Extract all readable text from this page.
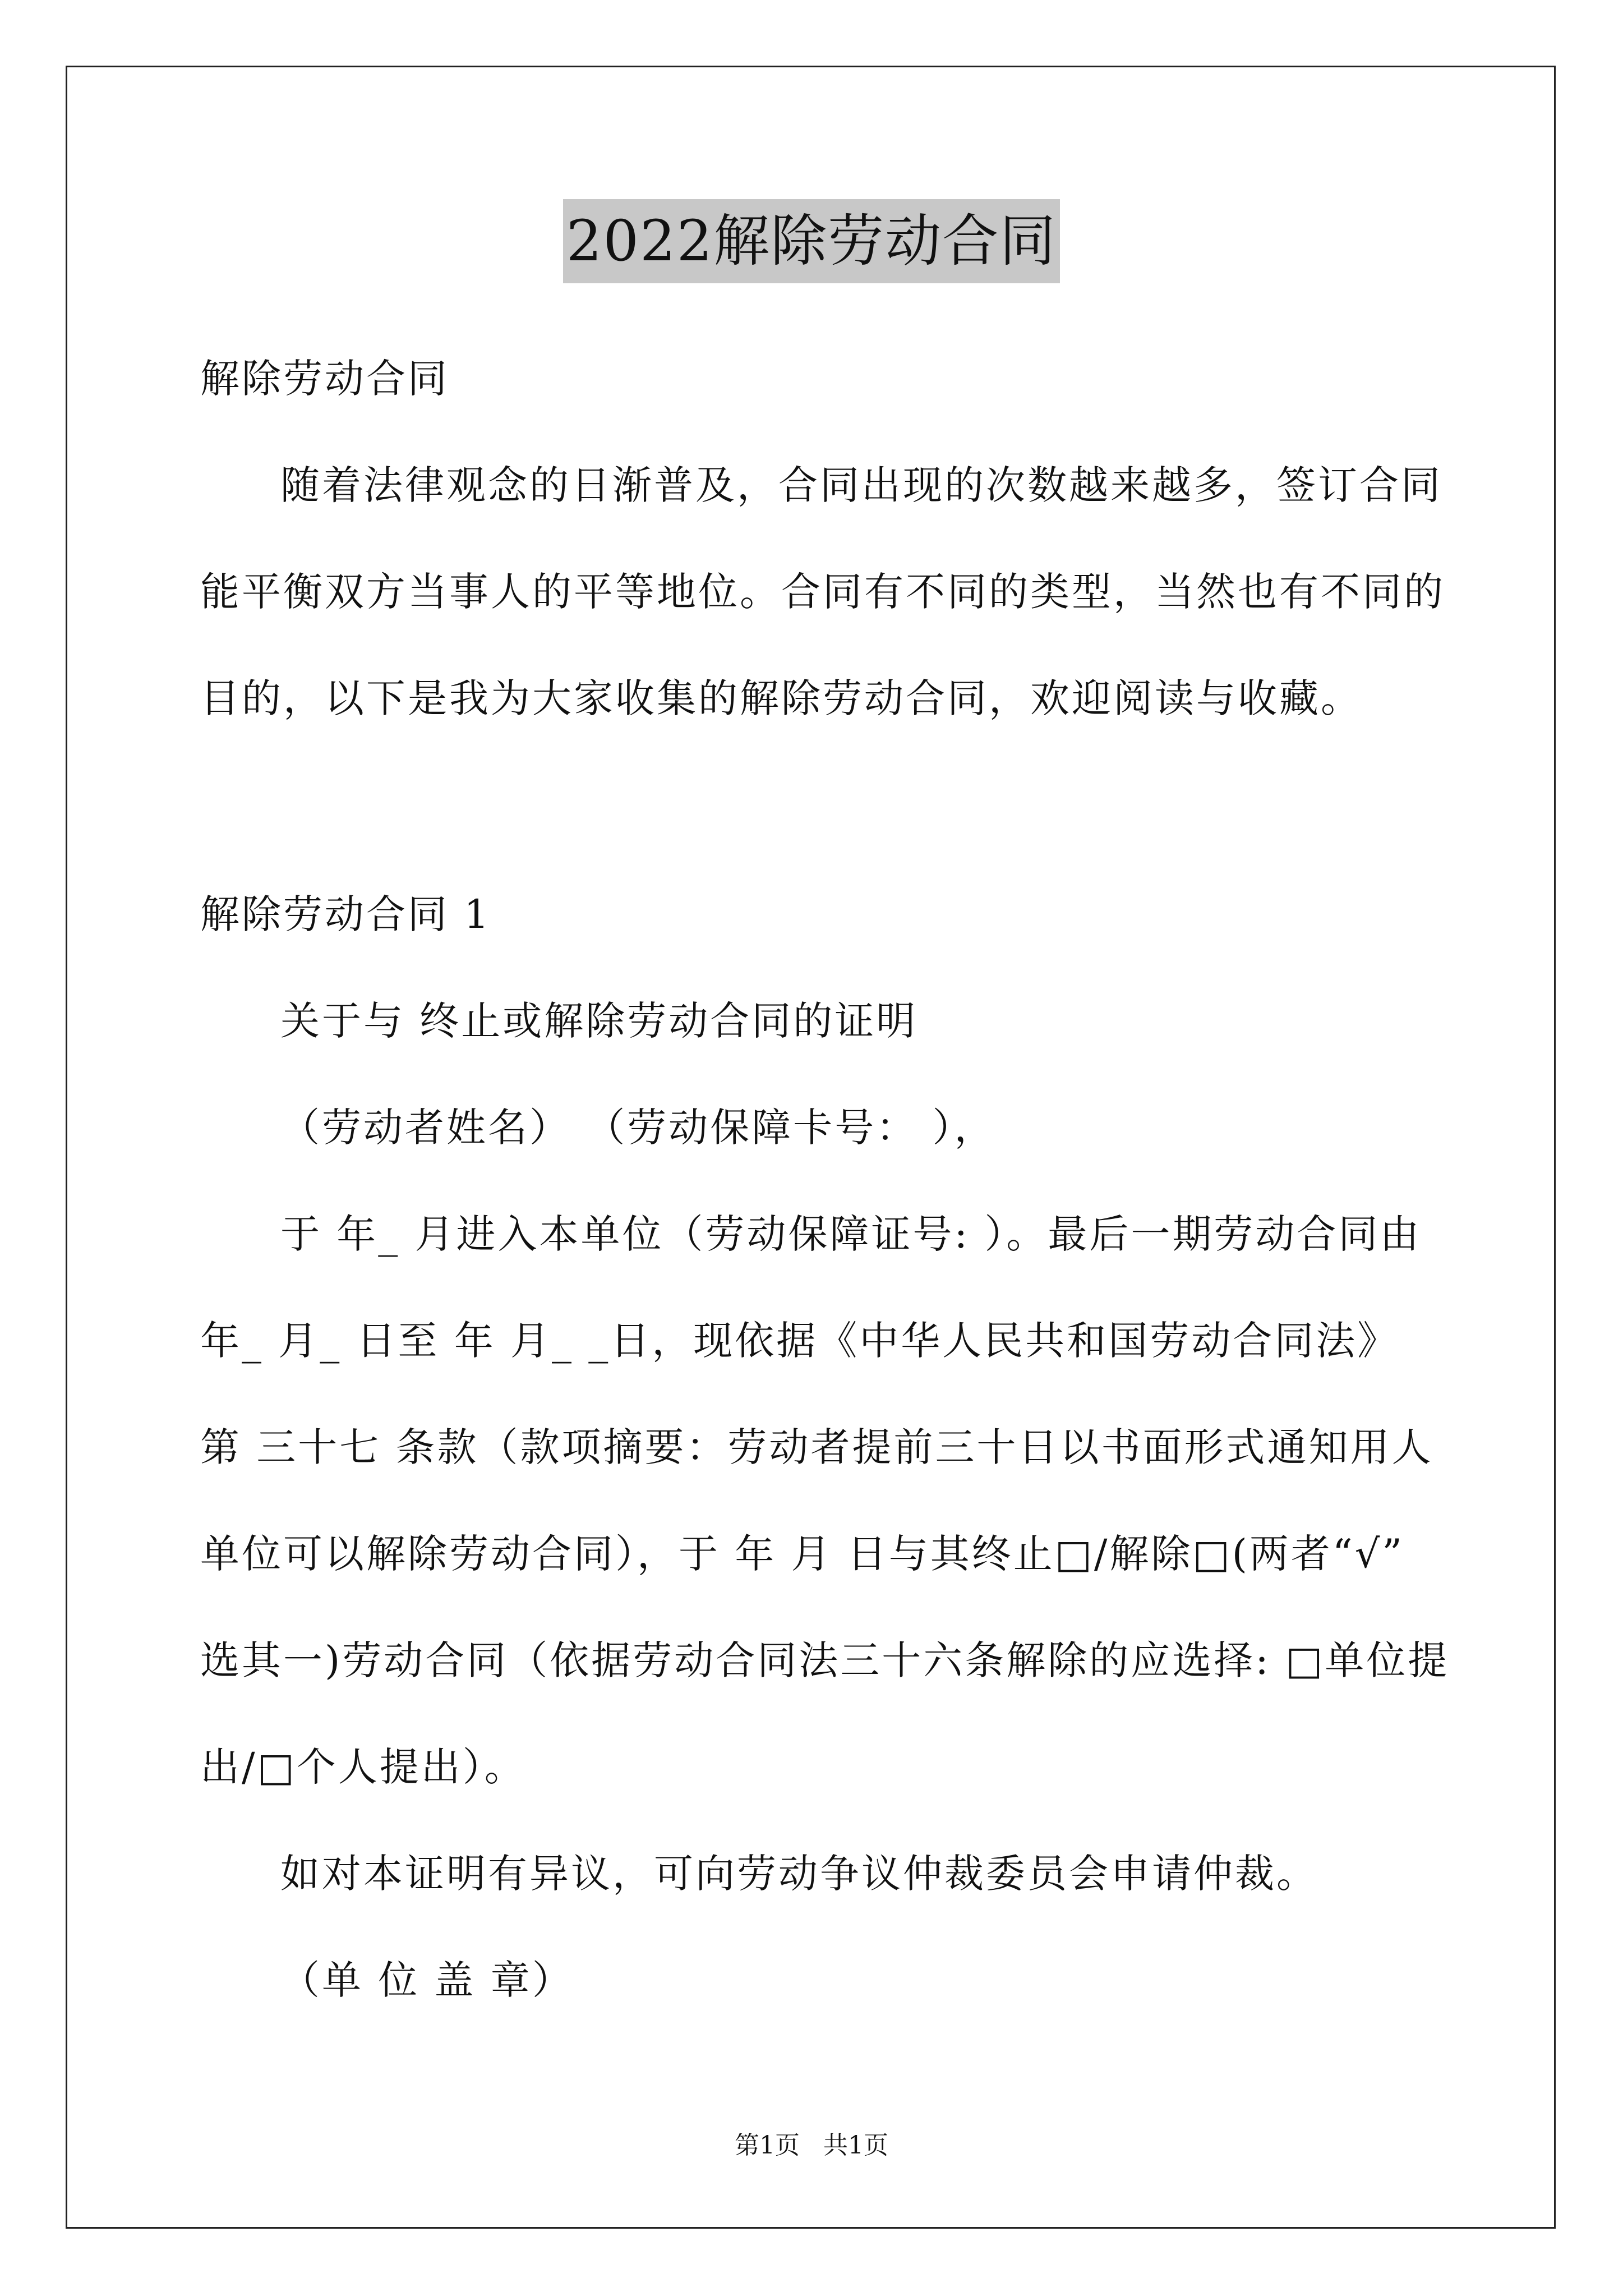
2022解除劳动合同
解除劳动合同
随着法律观念的日渐普及，合同出现的次数越来越多，签订合同
能平衡双方当事人的平等地位。合同有不同的类型，当然也有不同的
目的，以下是我为大家收集的解除劳动合同，欢迎阅读与收藏。
解除劳动合同 1
关于与 终止或解除劳动合同的证明
（劳动者姓名） （劳动保障卡号： ），
于 年_ 月进入本单位（劳动保障证号: ）。最后一期劳动合同由
年_ 月_ 日至 年 月_ _日，现依据《中华人民共和国劳动合同法》
第 三十七 条款（款项摘要：劳动者提前三十日以书面形式通知用人
单位可以解除劳动合同），于 年 月 日与其终止□/解除□(两者“√”
选其一)劳动合同（依据劳动合同法三十六条解除的应选择: □单位提
出/□个人提出）。
如对本证明有异议，可向劳动争议仲裁委员会申请仲裁。
（单 位 盖 章）
第1页   共1页
